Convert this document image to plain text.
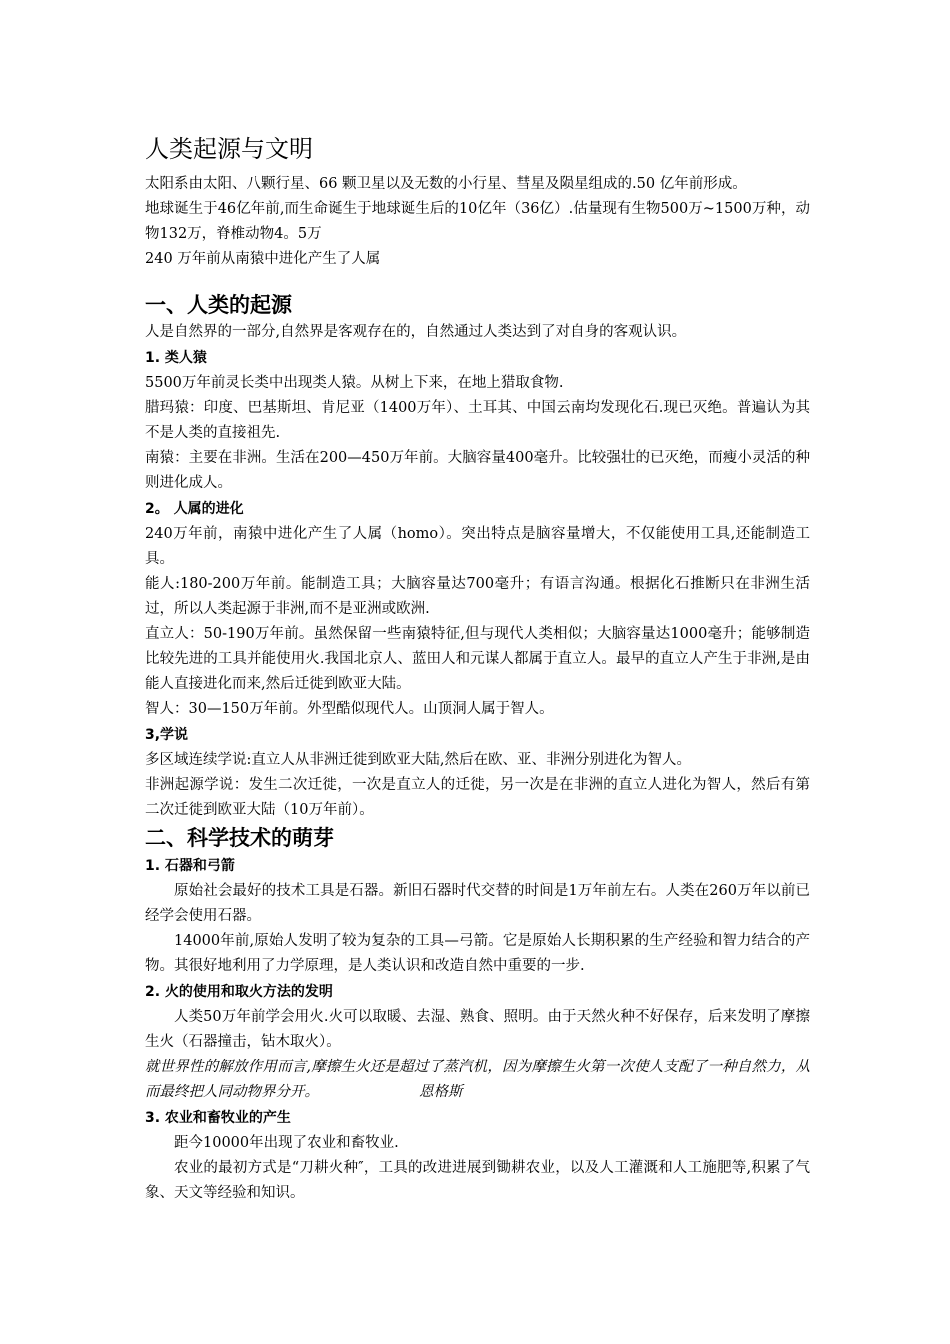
人类起源与文明

太阳系由太阳、八颗行星、66 颗卫星以及无数的小行星、彗星及陨星组成的.50 亿年前形成。

地球诞生于46亿年前,而生命诞生于地球诞生后的10亿年（36亿）.估量现有生物500万~1500万种，动物132万，脊椎动物4。5万

240 万年前从南猿中进化产生了人属

一、人类的起源

人是自然界的一部分,自然界是客观存在的，自然通过人类达到了对自身的客观认识。

1. 类人猿

5500万年前灵长类中出现类人猿。从树上下来，在地上猎取食物.

腊玛猿：印度、巴基斯坦、肯尼亚（1400万年）、土耳其、中国云南均发现化石.现已灭绝。普遍认为其不是人类的直接祖先.

南猿：主要在非洲。生活在200—450万年前。大脑容量400毫升。比较强壮的已灭绝，而瘦小灵活的种则进化成人。

2。 人属的进化

240万年前，南猿中进化产生了人属（homo）。突出特点是脑容量增大，不仅能使用工具,还能制造工具。

能人:180-200万年前。能制造工具；大脑容量达700毫升；有语言沟通。根据化石推断只在非洲生活过，所以人类起源于非洲,而不是亚洲或欧洲.

直立人：50-190万年前。虽然保留一些南猿特征,但与现代人类相似；大脑容量达1000毫升；能够制造比较先进的工具并能使用火.我国北京人、蓝田人和元谋人都属于直立人。最早的直立人产生于非洲,是由能人直接进化而来,然后迁徙到欧亚大陆。

智人：30—150万年前。外型酷似现代人。山顶洞人属于智人。

3,学说

多区域连续学说:直立人从非洲迁徙到欧亚大陆,然后在欧、亚、非洲分别进化为智人。

非洲起源学说：发生二次迁徙，一次是直立人的迁徙，另一次是在非洲的直立人进化为智人，然后有第二次迁徙到欧亚大陆（10万年前）。

二、科学技术的萌芽
1. 石器和弓箭

原始社会最好的技术工具是石器。新旧石器时代交替的时间是1万年前左右。人类在260万年以前已经学会使用石器。

14000年前,原始人发明了较为复杂的工具—弓箭。它是原始人长期积累的生产经验和智力结合的产物。其很好地利用了力学原理，是人类认识和改造自然中重要的一步.

2. 火的使用和取火方法的发明

人类50万年前学会用火.火可以取暖、去湿、熟食、照明。由于天然火种不好保存，后来发明了摩擦生火（石器撞击，钻木取火）。

就世界性的解放作用而言,摩擦生火还是超过了蒸汽机，因为摩擦生火第一次使人支配了一种自然力，从而最终把人同动物界分开。	恩格斯

3. 农业和畜牧业的产生

距今10000年出现了农业和畜牧业.

农业的最初方式是“刀耕火种″，工具的改进进展到锄耕农业，以及人工灌溉和人工施肥等,积累了气象、天文等经验和知识。
